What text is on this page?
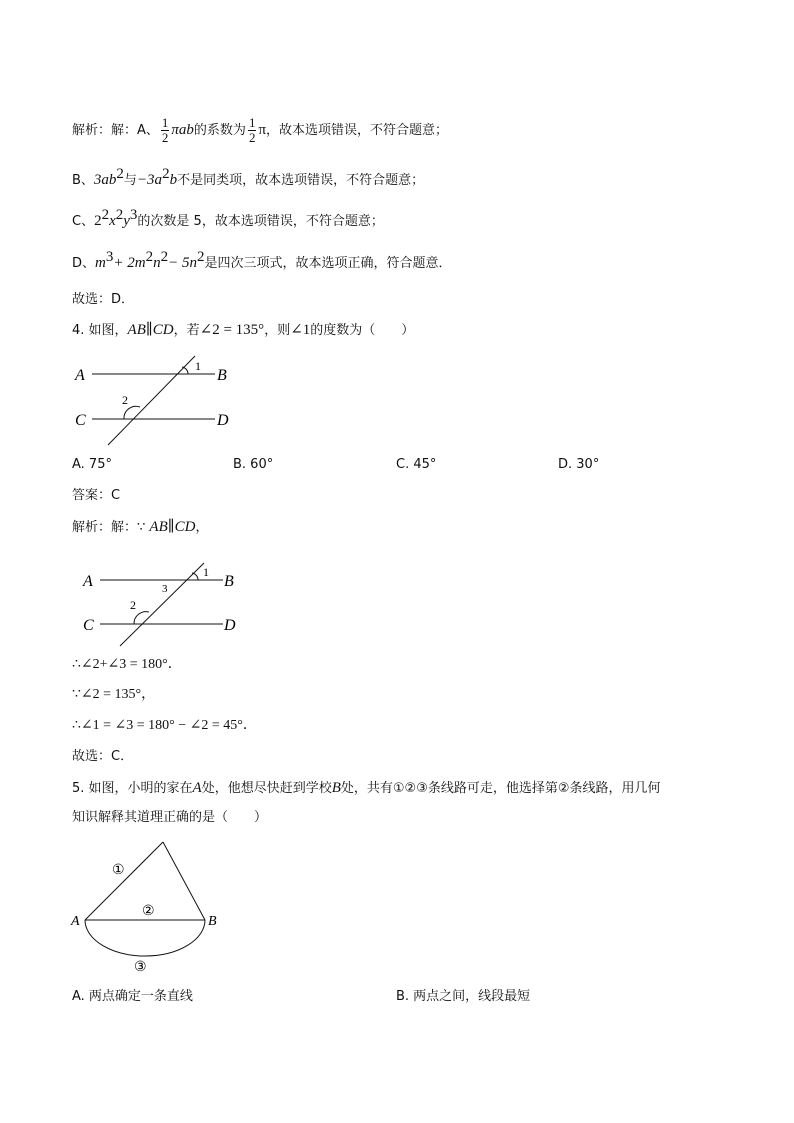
解析：解：A、 $\frac{1}{2}$ πab的系数为 $\frac{1}{2}$ π，故本选项错误，不符合题意；
B、$3ab^2$与$-3a^2b$不是同类项，故本选项错误，不符合题意；
C、$2^2x^2y^3$的次数是 5，故本选项错误，不符合题意；
D、$m^3+ 2m^2n^2- 5n^2$是四次三项式，故本选项正确，符合题意．
故选：D．
4. 如图，AB∥CD，若∠2 = 135°，则∠1的度数为（　　）
A	B
C	D
1
2
A. 75°	B. 60°	C. 45°	D. 30°
答案：C
解析：解：∵ AB∥CD，
A	B
C	D
1
3
2
∴∠2+∠3 = 180°．
∵∠2 = 135°，
∴∠1 = ∠3 = 180° − ∠2 = 45°．
故选：C．
5. 如图，小明的家在A处，他想尽快赶到学校B处，共有①②③条线路可走，他选择第②条线路，用几何
知识解释其道理正确的是（　　）
A	B
①
②
③
A. 两点确定一条直线	B. 两点之间，线段最短
